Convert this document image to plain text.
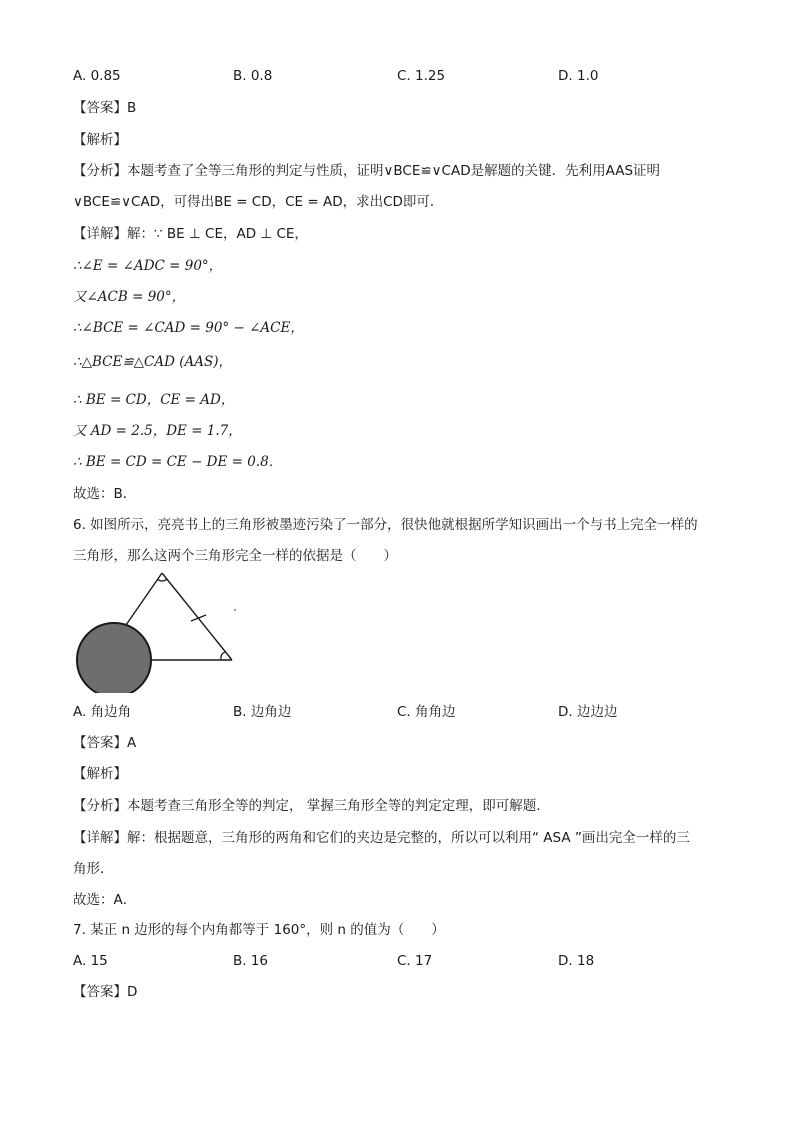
A. 0.85	B. 0.8	C. 1.25	D. 1.0
【答案】B
【解析】
【分析】本题考查了全等三角形的判定与性质，证明∨BCE≌∨CAD是解题的关键．先利用AAS证明
∨BCE≌∨CAD，可得出BE = CD，CE = AD，求出CD即可．
【详解】解：∵ BE ⊥ CE，AD ⊥ CE，
∴∠E = ∠ADC = 90°，
又∠ACB = 90°，
∴∠BCE = ∠CAD = 90° − ∠ACE，
∴△BCE≌△CAD (AAS)，
∴ BE = CD，CE = AD，
又 AD = 2.5，DE = 1.7，
∴ BE = CD = CE − DE = 0.8．
故选：B．
6. 如图所示，亮亮书上的三角形被墨迹污染了一部分，很快他就根据所学知识画出一个与书上完全一样的
三角形，那么这两个三角形完全一样的依据是（　　）
A. 角边角	B. 边角边	C. 角角边	D. 边边边
【答案】A
【解析】
【分析】本题考查三角形全等的判定， 掌握三角形全等的判定定理，即可解题．
【详解】解：根据题意，三角形的两角和它们的夹边是完整的，所以可以利用“ ASA ”画出完全一样的三
角形．
故选：A．
7. 某正 n 边形的每个内角都等于 160°，则 n 的值为（　　）
A. 15	B. 16	C. 17	D. 18
【答案】D
